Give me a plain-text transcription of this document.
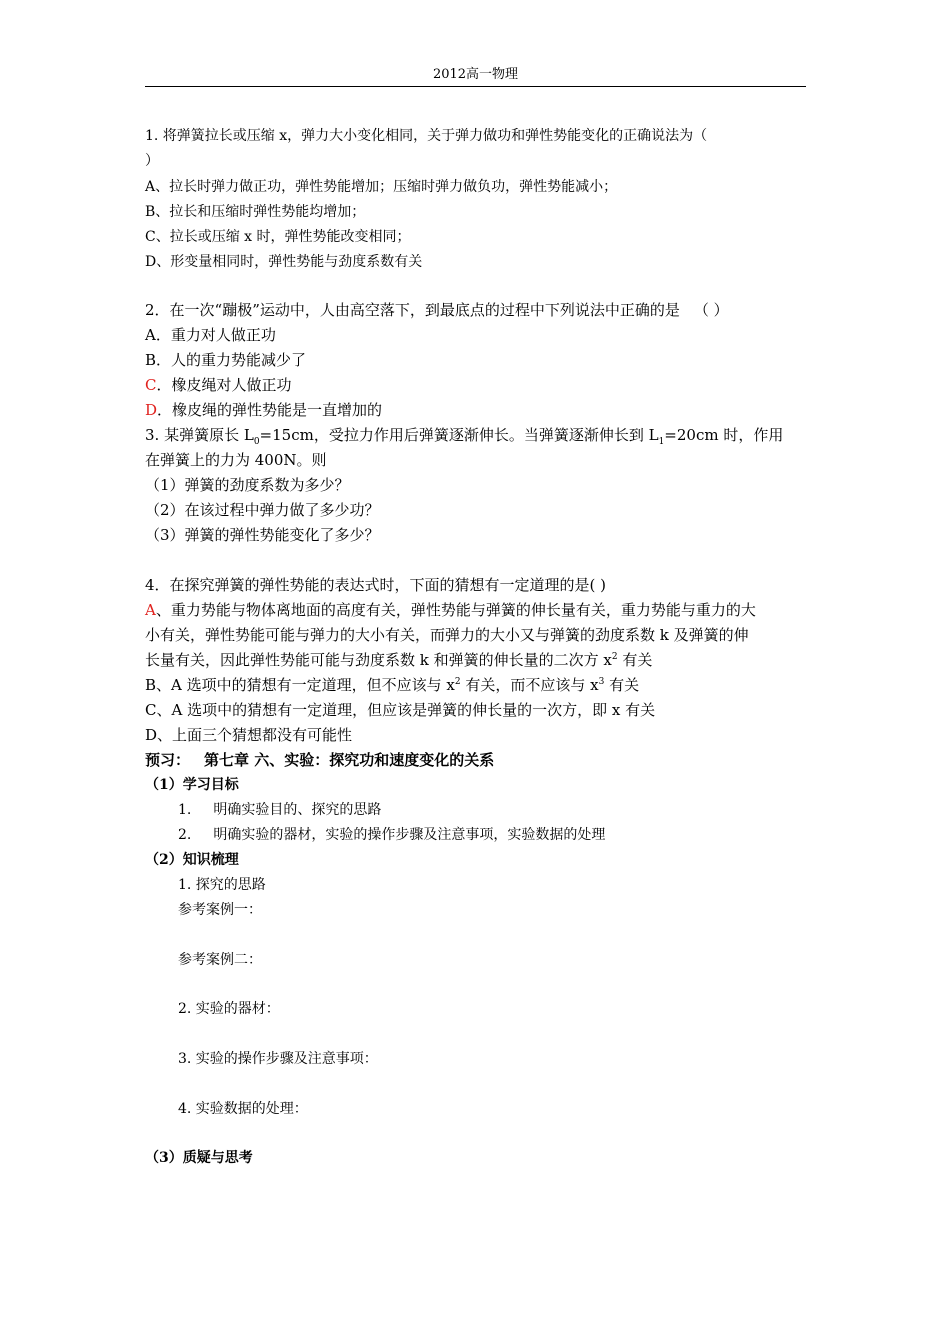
2012高一物理
1. 将弹簧拉长或压缩 x，弹力大小变化相同，关于弹力做功和弹性势能变化的正确说法为（
）
A、拉长时弹力做正功，弹性势能增加；压缩时弹力做负功，弹性势能减小；
B、拉长和压缩时弹性势能均增加；
C、拉长或压缩 x 时，弹性势能改变相同；
D、形变量相同时，弹性势能与劲度系数有关
2．在一次“蹦极”运动中，人由高空落下，到最底点的过程中下列说法中正确的是 （ ）
A．重力对人做正功
B．人的重力势能减少了
C．橡皮绳对人做正功
D．橡皮绳的弹性势能是一直增加的
3. 某弹簧原长 $L_0=15cm$，受拉力作用后弹簧逐渐伸长。当弹簧逐渐伸长到 $L_1=20cm$ 时，作用
在弹簧上的力为 400N。则
（1）弹簧的劲度系数为多少？
（2）在该过程中弹力做了多少功？
（3）弹簧的弹性势能变化了多少？
4．在探究弹簧的弹性势能的表达式时，下面的猜想有一定道理的是( )
A、重力势能与物体离地面的高度有关，弹性势能与弹簧的伸长量有关，重力势能与重力的大
小有关，弹性势能可能与弹力的大小有关，而弹力的大小又与弹簧的劲度系数 k 及弹簧的伸
长量有关，因此弹性势能可能与劲度系数 k 和弹簧的伸长量的二次方 $x^2$ 有关
B、A 选项中的猜想有一定道理，但不应该与 $x^2$ 有关，而不应该与 $x^3$ 有关
C、A 选项中的猜想有一定道理，但应该是弹簧的伸长量的一次方，即 x 有关
D、上面三个猜想都没有可能性
预习： 第七章 六、实验：探究功和速度变化的关系
（1）学习目标
1. 明确实验目的、探究的思路
2. 明确实验的器材，实验的操作步骤及注意事项，实验数据的处理
（2）知识梳理
1. 探究的思路
参考案例一：
参考案例二：
2. 实验的器材：
3. 实验的操作步骤及注意事项：
4. 实验数据的处理：
（3）质疑与思考
